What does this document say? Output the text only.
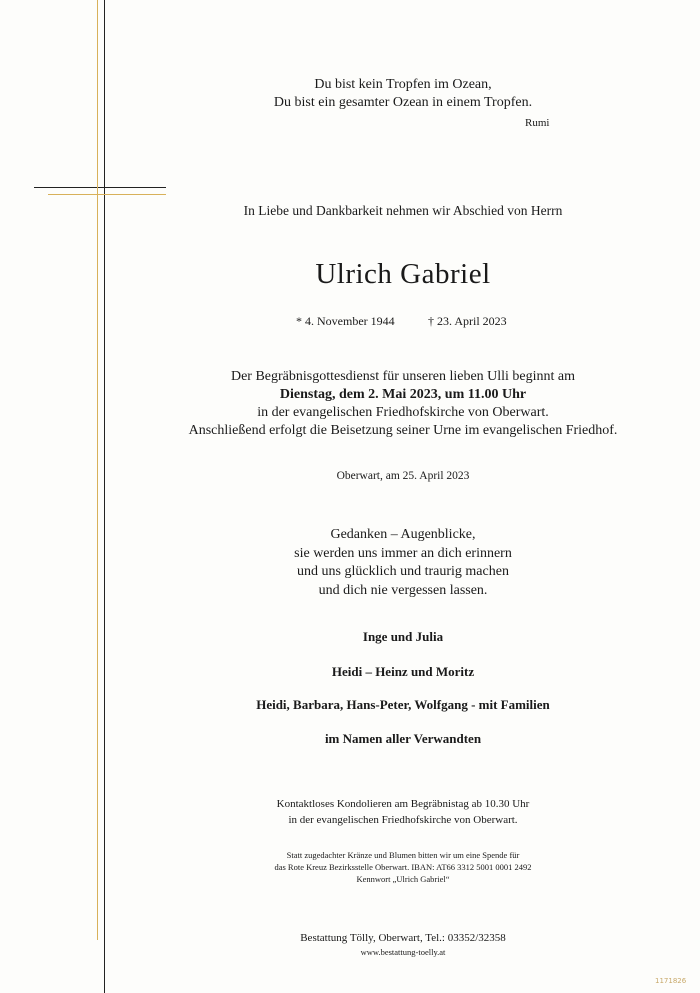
Du bist kein Tropfen im Ozean,
Du bist ein gesamter Ozean in einem Tropfen.
Rumi
In Liebe und Dankbarkeit nehmen wir Abschied von Herrn
Ulrich Gabriel
* 4. November 1944	† 23. April 2023
Der Begräbnisgottesdienst für unseren lieben Ulli beginnt am
Dienstag, dem 2. Mai 2023, um 11.00 Uhr
in der evangelischen Friedhofskirche von Oberwart.
Anschließend erfolgt die Beisetzung seiner Urne im evangelischen Friedhof.
Oberwart, am 25. April 2023
Gedanken – Augenblicke,
sie werden uns immer an dich erinnern
und uns glücklich und traurig machen
und dich nie vergessen lassen.
Inge und Julia
Heidi – Heinz und Moritz
Heidi, Barbara, Hans-Peter, Wolfgang - mit Familien
im Namen aller Verwandten
Kontaktloses Kondolieren am Begräbnistag ab 10.30 Uhr
in der evangelischen Friedhofskirche von Oberwart.
Statt zugedachter Kränze und Blumen bitten wir um eine Spende für
das Rote Kreuz Bezirksstelle Oberwart. IBAN: AT66 3312 5001 0001 2492
Kennwort „Ulrich Gabriel“
Bestattung Tölly, Oberwart, Tel.: 03352/32358
www.bestattung-toelly.at
1171826
